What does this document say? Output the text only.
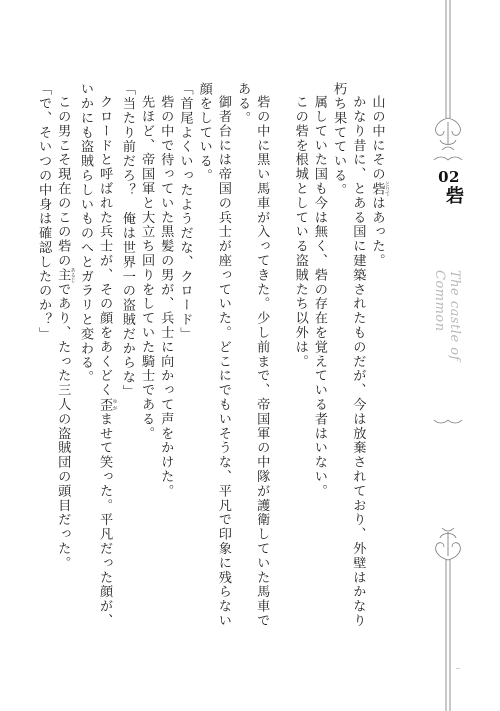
山の中にその砦 とりではあった。

かなり昔に、とある国に建築されたものだが、今は放棄されており、外壁はかなり朽ち果てている。

属していた国も今は無く、砦の存在を覚えている者はいない。

この砦を根城としている盗賊たち以外は。

砦の中に黒い馬車が入ってきた。少し前まで、帝国軍の中隊が護衛していた馬車である。

御者台には帝国の兵士が座っていた。どこにでもいそうな、平凡で印象に残らない顔をしている。

「首尾よくいったようだな、クロード」

砦の中で待っていた黒髪の男が、兵士に向かって声をかけた。

先ほど、帝国軍と大立ち回りをしていた騎士である。

「当たり前だろ？　俺は世界一の盗賊だからな」

クロードと呼ばれた兵士が、その顔をあくどく歪 ゆがませて笑った。平凡だった顔が、いかにも盗賊らしいものへとガラリと変わる。

この男こそ現在のこの砦の主 あるじであり、たった三人の盗賊団の頭目だった。

「で、そいつの中身は確認したのか？」	02
砦
The castle of Common
‥
